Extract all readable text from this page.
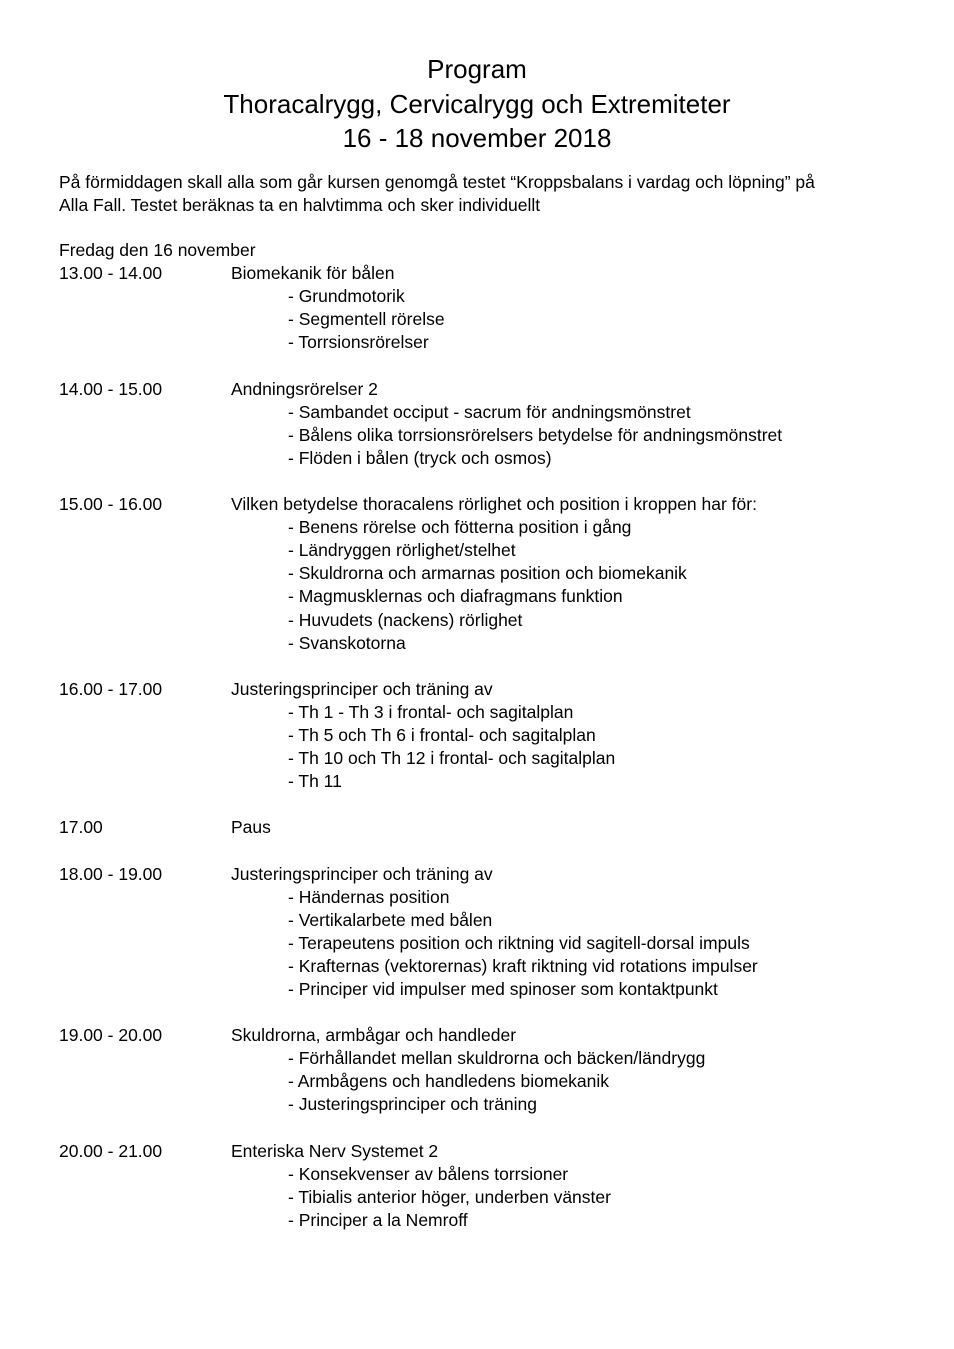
Program
Thoracalrygg, Cervicalrygg och Extremiteter
16 - 18 november 2018
På förmiddagen skall alla som går kursen genomgå testet “Kroppsbalans i vardag och löpning” på
Alla Fall. Testet beräknas ta en halvtimma och sker individuellt
Fredag den 16 november
13.00 - 14.00	Biomekanik för bålen
- Grundmotorik
- Segmentell rörelse
- Torrsionsrörelser
14.00 - 15.00	Andningsrörelser 2
- Sambandet occiput - sacrum för andningsmönstret
- Bålens olika torrsionsrörelsers betydelse för andningsmönstret
- Flöden i bålen (tryck och osmos)
15.00 - 16.00	Vilken betydelse thoracalens rörlighet och position i kroppen har för:
- Benens rörelse och fötterna position i gång
- Ländryggen rörlighet/stelhet
- Skuldrorna och armarnas position och biomekanik
- Magmusklernas och diafragmans funktion
- Huvudets (nackens) rörlighet
- Svanskotorna
16.00 - 17.00	Justeringsprinciper och träning av
- Th 1 - Th 3 i frontal- och sagitalplan
- Th 5 och Th 6 i frontal- och sagitalplan
- Th 10 och Th 12 i frontal- och sagitalplan
- Th 11
17.00	Paus
18.00 - 19.00	Justeringsprinciper och träning av
- Händernas position
- Vertikalarbete med bålen
- Terapeutens position och riktning vid sagitell-dorsal impuls
- Krafternas (vektorernas) kraft riktning vid rotations impulser
- Principer vid impulser med spinoser som kontaktpunkt
19.00 - 20.00	Skuldrorna, armbågar och handleder
- Förhållandet mellan skuldrorna och bäcken/ländrygg
- Armbågens och handledens biomekanik
- Justeringsprinciper och träning
20.00 - 21.00	Enteriska Nerv Systemet 2
- Konsekvenser av bålens torrsioner
- Tibialis anterior höger, underben vänster
- Principer a la Nemroff
